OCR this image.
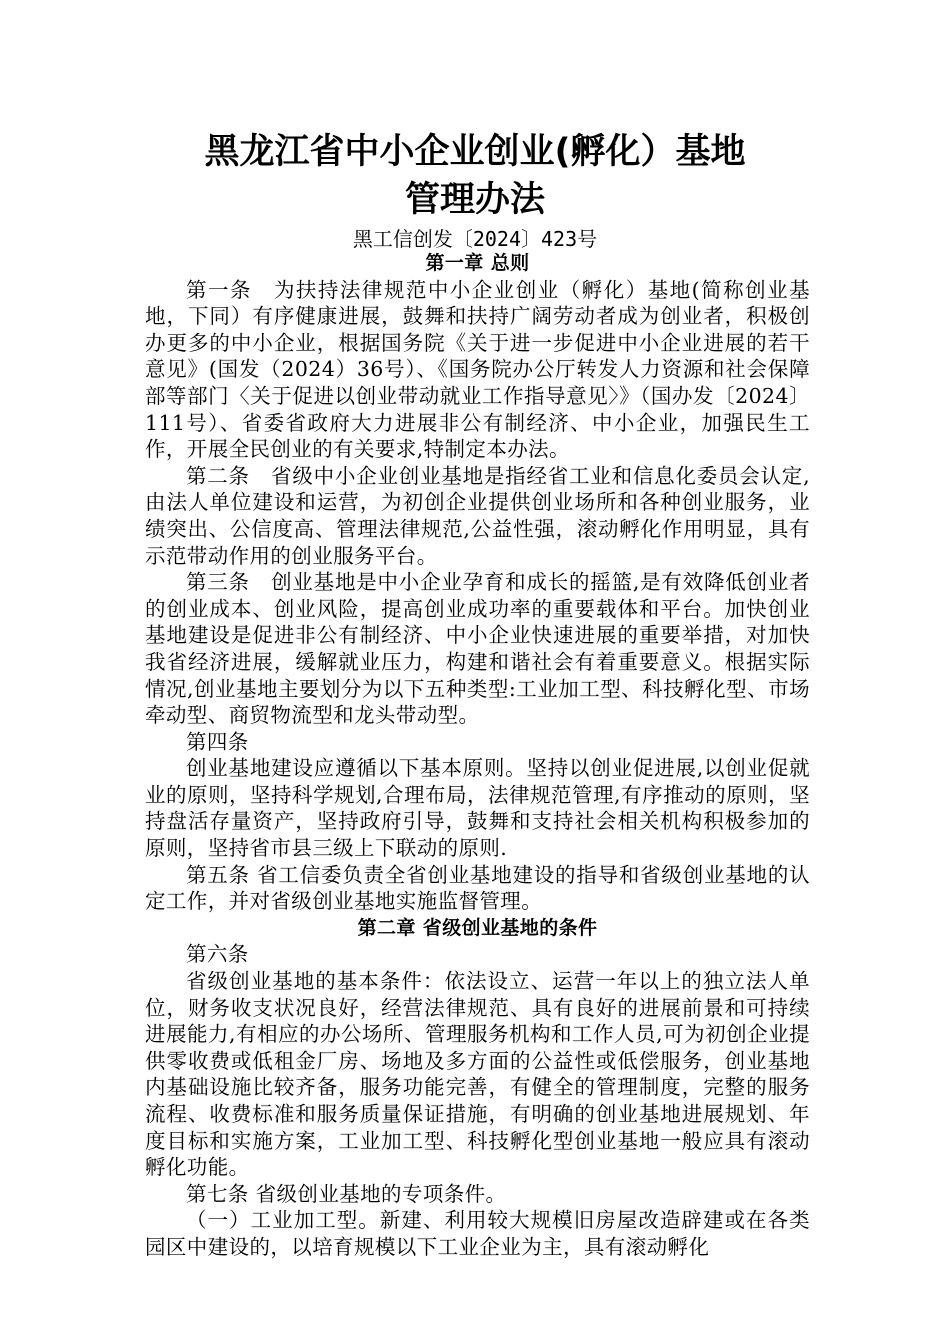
黑龙江省中小企业创业(孵化）基地
管理办法
黑工信创发〔2024〕423号
第一章 总则

第一条　为扶持法律规范中小企业创业（孵化）基地(简称创业基地，下同）有序健康进展，鼓舞和扶持广阔劳动者成为创业者，积极创办更多的中小企业，根据国务院《关于进一步促进中小企业进展的若干意见》(国发（2024）36号）、《国务院办公厅转发人力资源和社会保障部等部门〈关于促进以创业带动就业工作指导意见〉》（国办发〔2024〕111号）、省委省政府大力进展非公有制经济、中小企业，加强民生工作，开展全民创业的有关要求,特制定本办法。

第二条　省级中小企业创业基地是指经省工业和信息化委员会认定,由法人单位建设和运营，为初创企业提供创业场所和各种创业服务，业绩突出、公信度高、管理法律规范,公益性强，滚动孵化作用明显，具有示范带动作用的创业服务平台。

第三条　创业基地是中小企业孕育和成长的摇篮,是有效降低创业者的创业成本、创业风险，提高创业成功率的重要载体和平台。加快创业基地建设是促进非公有制经济、中小企业快速进展的重要举措，对加快我省经济进展，缓解就业压力，构建和谐社会有着重要意义。根据实际情况,创业基地主要划分为以下五种类型:工业加工型、科技孵化型、市场牵动型、商贸物流型和龙头带动型。

第四条

创业基地建设应遵循以下基本原则。坚持以创业促进展,以创业促就业的原则，坚持科学规划,合理布局，法律规范管理,有序推动的原则，坚持盘活存量资产，坚持政府引导，鼓舞和支持社会相关机构积极参加的原则，坚持省市县三级上下联动的原则.

第五条 省工信委负责全省创业基地建设的指导和省级创业基地的认定工作，并对省级创业基地实施监督管理。

第二章 省级创业基地的条件

第六条

省级创业基地的基本条件：依法设立、运营一年以上的独立法人单位，财务收支状况良好，经营法律规范、具有良好的进展前景和可持续进展能力,有相应的办公场所、管理服务机构和工作人员,可为初创企业提供零收费或低租金厂房、场地及多方面的公益性或低偿服务，创业基地内基础设施比较齐备，服务功能完善，有健全的管理制度，完整的服务流程、收费标准和服务质量保证措施，有明确的创业基地进展规划、年度目标和实施方案，工业加工型、科技孵化型创业基地一般应具有滚动孵化功能。

第七条 省级创业基地的专项条件。

（一）工业加工型。新建、利用较大规模旧房屋改造辟建或在各类园区中建设的，以培育规模以下工业企业为主，具有滚动孵化
